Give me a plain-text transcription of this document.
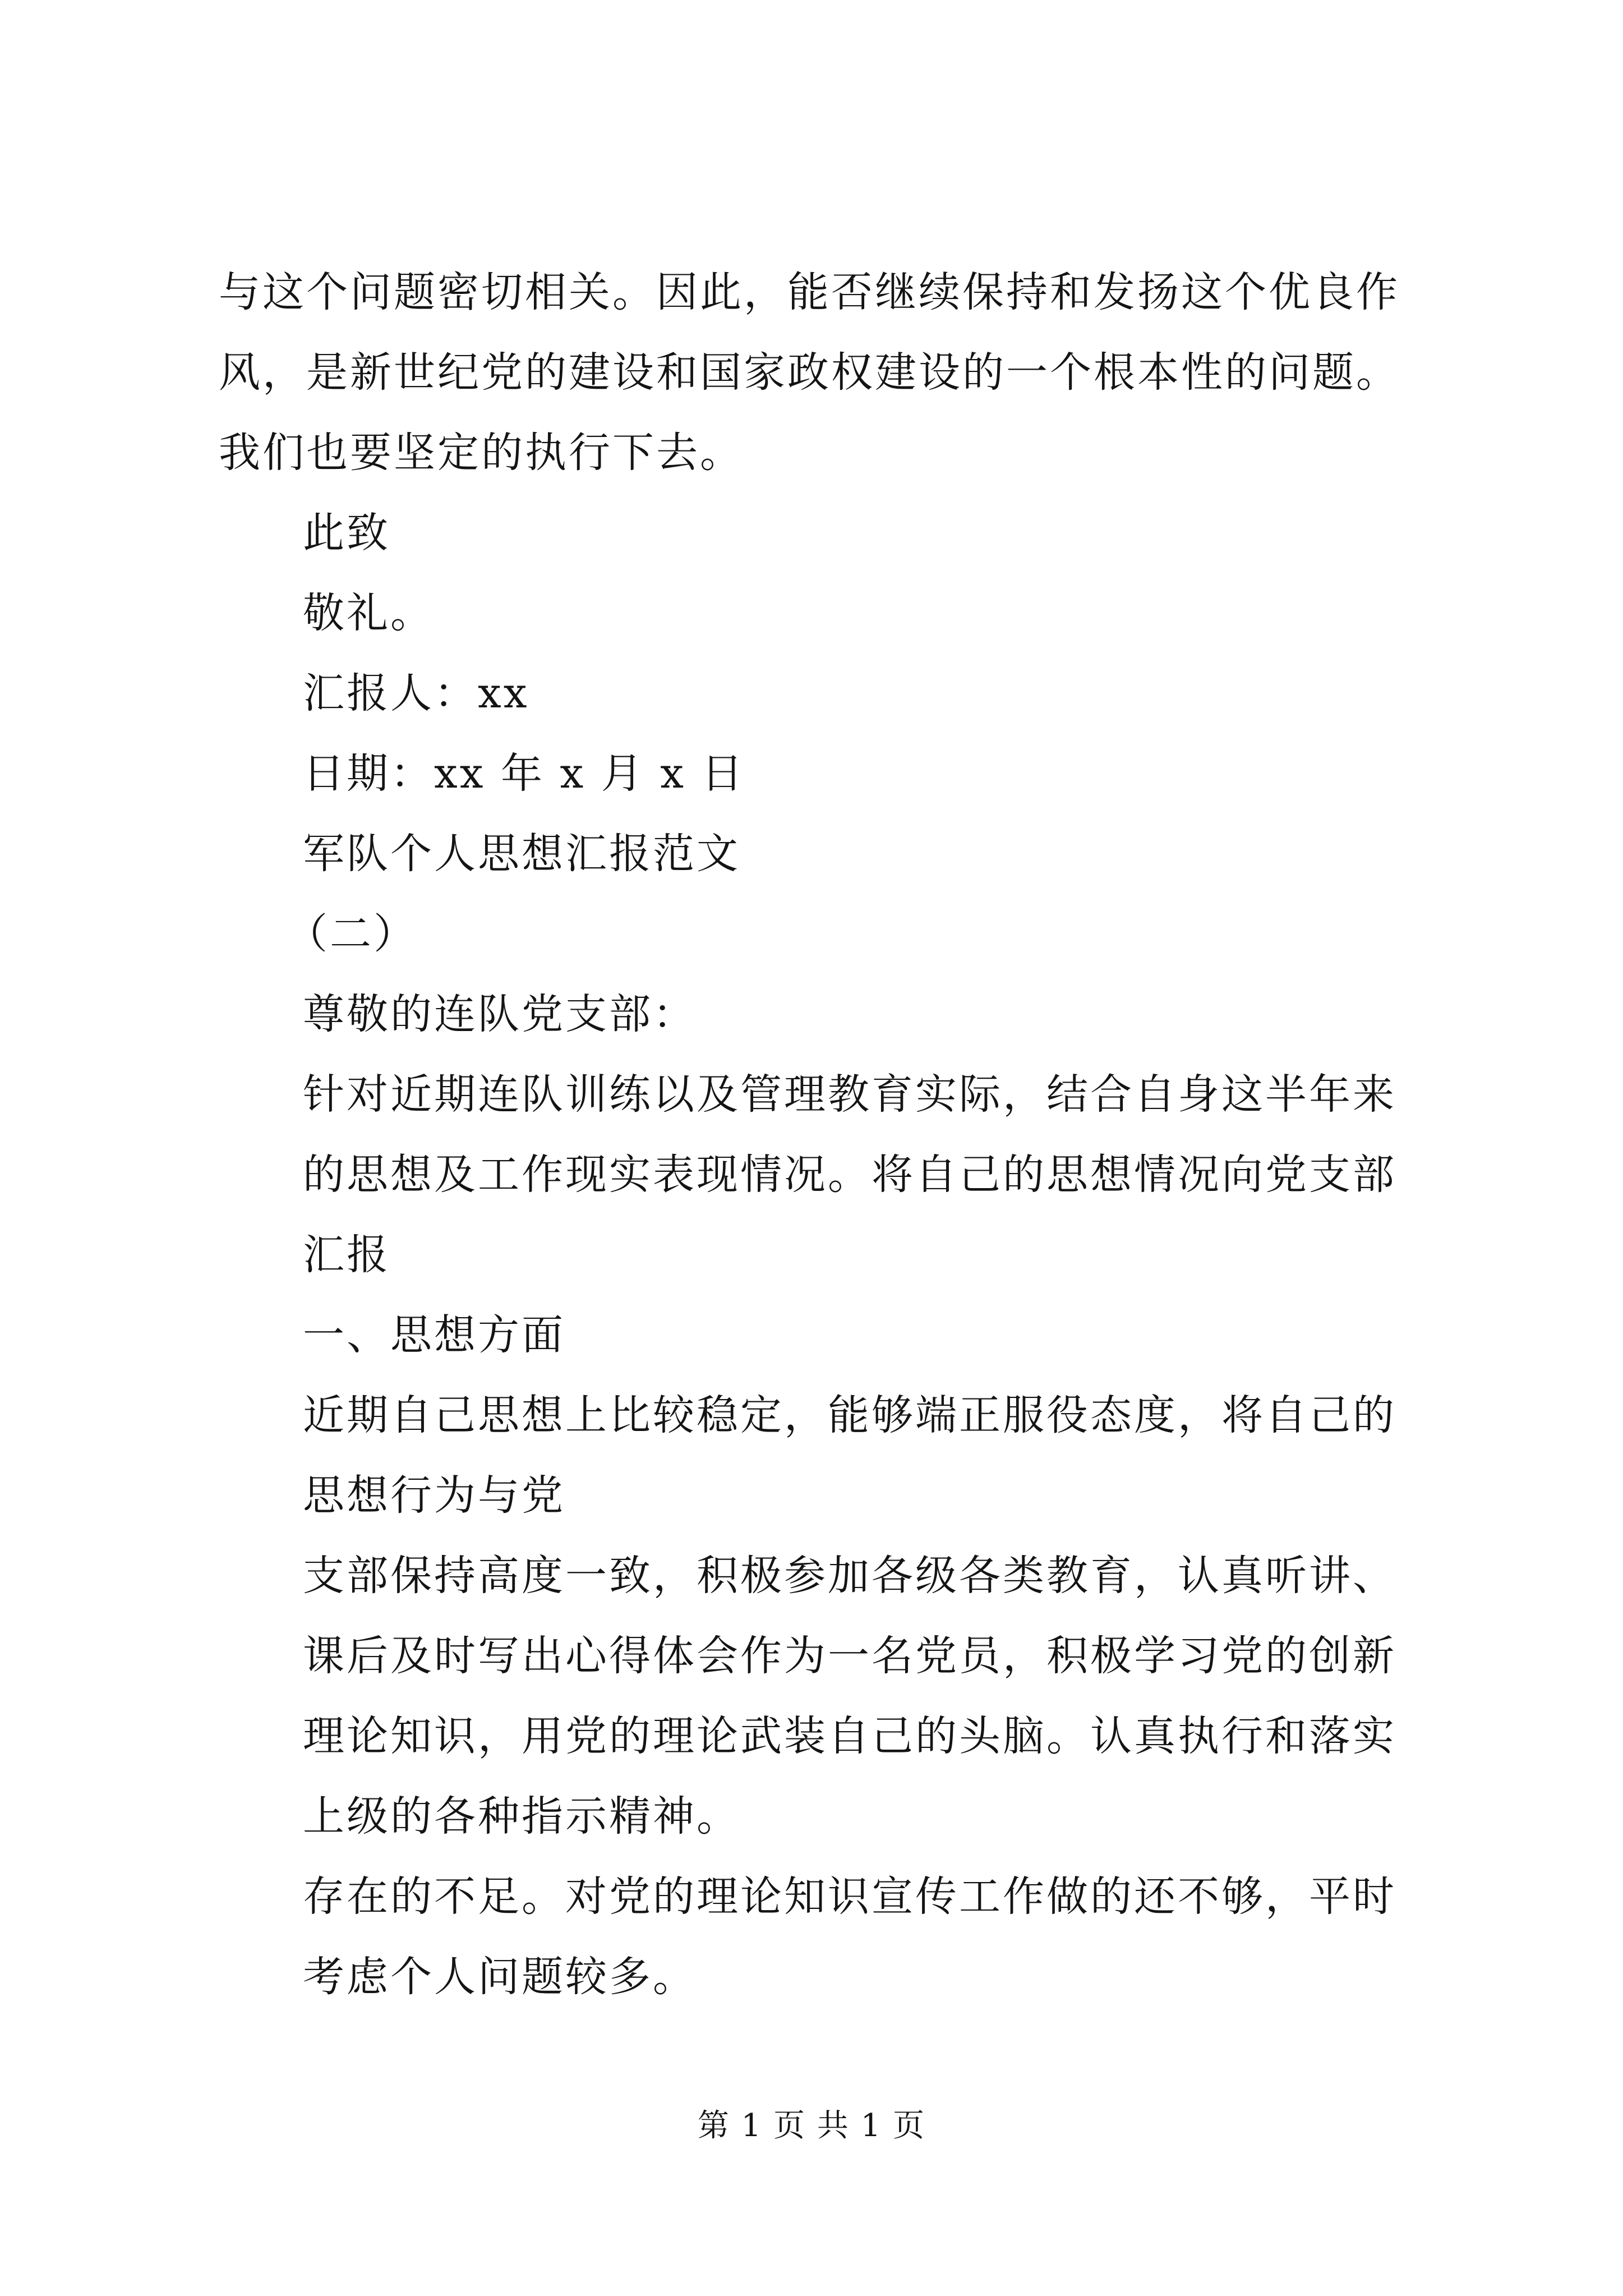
与这个问题密切相关。因此，能否继续保持和发扬这个优良作风，是新世纪党的建设和国家政权建设的一个根本性的问题。我们也要坚定的执行下去。

此致

敬礼。

汇报人：xx

日期：xx 年 x 月 x 日

军队个人思想汇报范文

（二）

尊敬的连队党支部：

针对近期连队训练以及管理教育实际，结合自身这半年来的思想及工作现实表现情况。将自己的思想情况向党支部汇报

一、思想方面

近期自己思想上比较稳定，能够端正服役态度，将自己的思想行为与党

支部保持高度一致，积极参加各级各类教育，认真听讲、课后及时写出心得体会作为一名党员，积极学习党的创新理论知识，用党的理论武装自己的头脑。认真执行和落实上级的各种指示精神。

存在的不足。对党的理论知识宣传工作做的还不够，平时考虑个人问题较多。

第 1 页 共 1 页
